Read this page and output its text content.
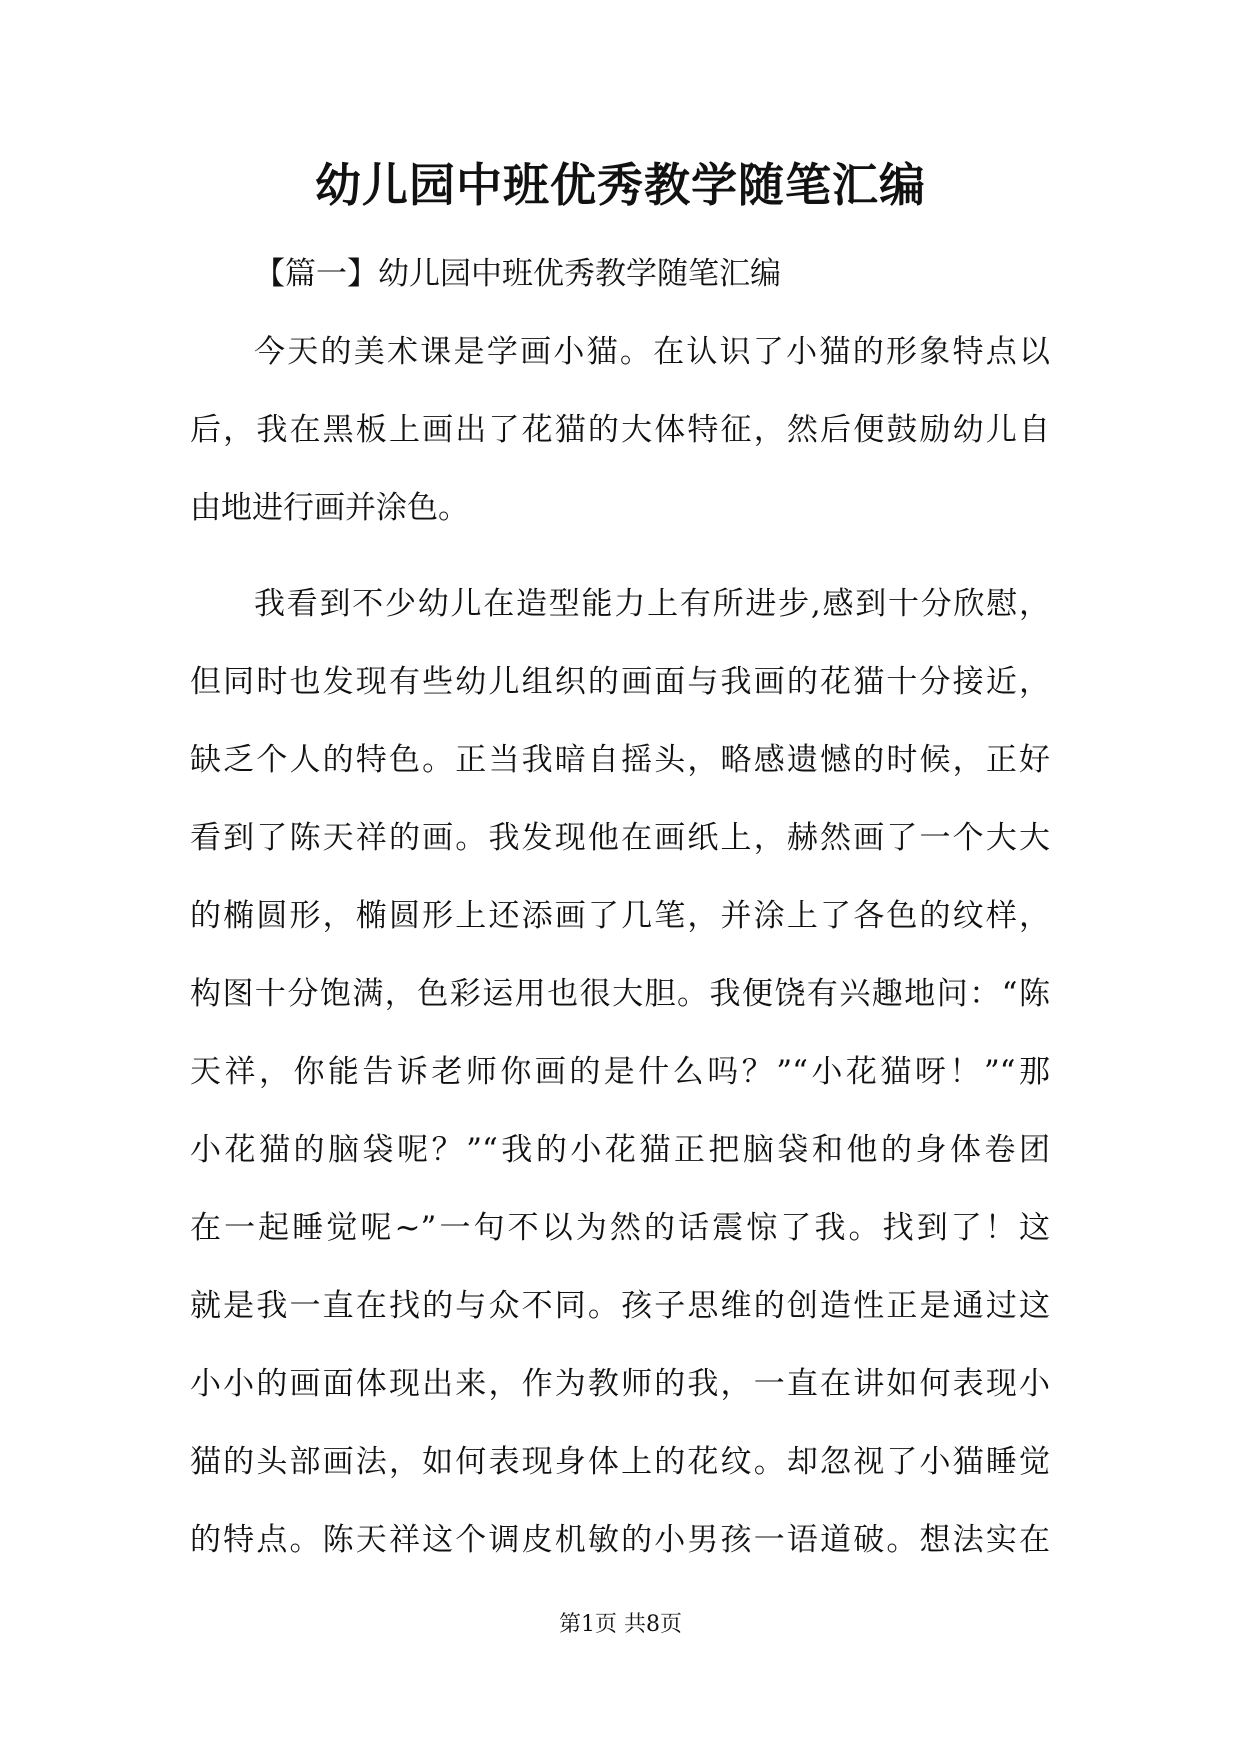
幼儿园中班优秀教学随笔汇编
【篇一】幼儿园中班优秀教学随笔汇编
今天的美术课是学画小猫。在认识了小猫的形象特点以
后，我在黑板上画出了花猫的大体特征，然后便鼓励幼儿自
由地进行画并涂色。
我看到不少幼儿在造型能力上有所进步,感到十分欣慰，
但同时也发现有些幼儿组织的画面与我画的花猫十分接近，
缺乏个人的特色。正当我暗自摇头，略感遗憾的时候，正好
看到了陈天祥的画。我发现他在画纸上，赫然画了一个大大
的椭圆形，椭圆形上还添画了几笔，并涂上了各色的纹样，
构图十分饱满，色彩运用也很大胆。我便饶有兴趣地问：“陈
天祥，你能告诉老师你画的是什么吗？”“小花猫呀！”“那
小花猫的脑袋呢？”“我的小花猫正把脑袋和他的身体卷团
在一起睡觉呢~”一句不以为然的话震惊了我。找到了！这
就是我一直在找的与众不同。孩子思维的创造性正是通过这
小小的画面体现出来，作为教师的我，一直在讲如何表现小
猫的头部画法，如何表现身体上的花纹。却忽视了小猫睡觉
的特点。陈天祥这个调皮机敏的小男孩一语道破。想法实在
第1页 共8页
